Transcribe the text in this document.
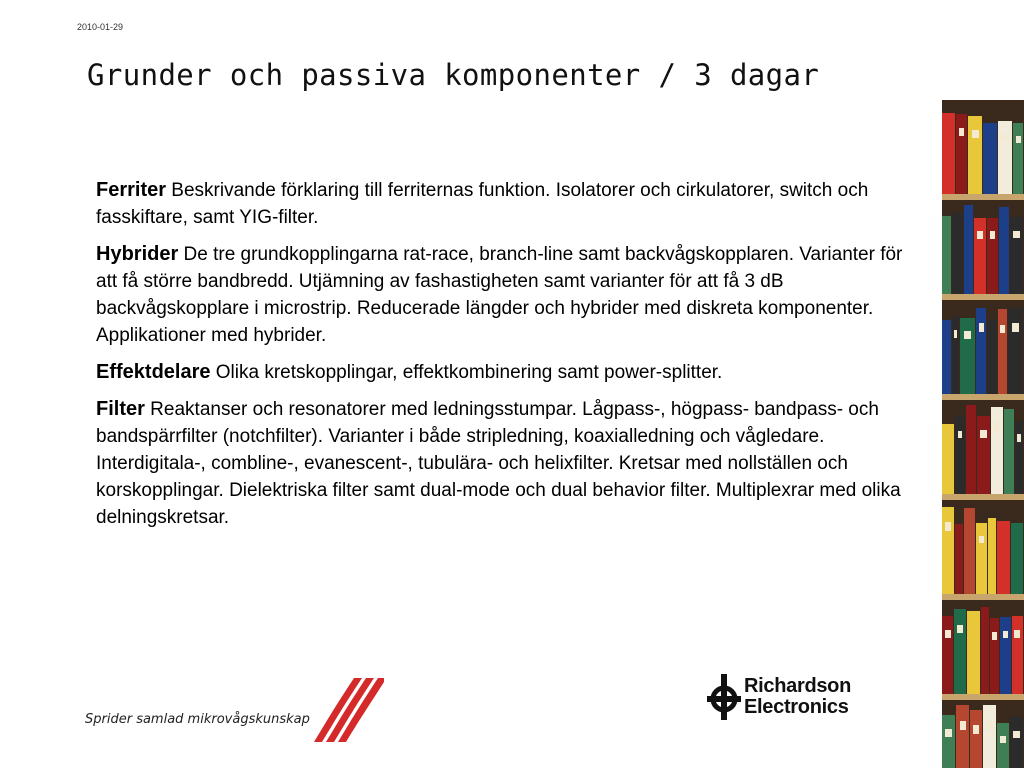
2010-01-29
Grunder och passiva komponenter / 3 dagar

Ferriter Beskrivande förklaring till ferriternas funktion. Isolatorer och cirkulatorer, switch och fasskiftare, samt YIG-filter.

Hybrider De tre grundkopplingarna rat-race, branch-line samt backvågskopplaren. Varianter för att få större bandbredd. Utjämning av fashastigheten samt varianter för att få 3 dB backvågskopplare i microstrip. Reducerade längder och hybrider med diskreta komponenter. Applikationer med hybrider.

Effektdelare Olika kretskopplingar, effektkombinering samt power-splitter.

Filter Reaktanser och resonatorer med ledningsstumpar. Lågpass-, högpass- bandpass- och bandspärrfilter (notchfilter). Varianter i både stripledning, koaxialledning och vågledare. Interdigitala-, combline-, evanescent-, tubulära- och helixfilter. Kretsar med nollställen och korskopplingar. Dielektriska filter samt dual-mode och dual behavior filter. Multiplexrar med olika delningskretsar.

Sprider samlad mikrovågskunskap
Richardson
Electronics
